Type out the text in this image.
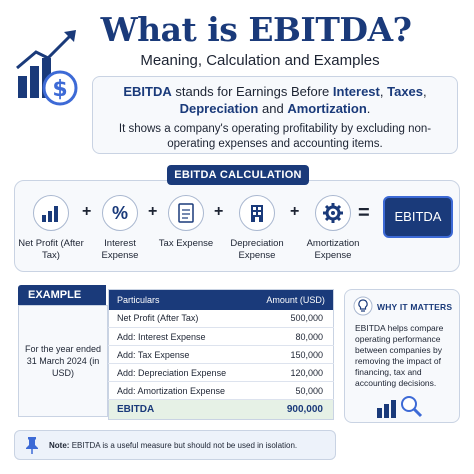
$
What is EBITDA?
Meaning, Calculation and Examples
EBITDA stands for Earnings Before Interest, Taxes,
Depreciation and Amortization.
It shows a company's operating profitability by excluding non-operating expenses and accounting items.
EBITDA CALCULATION
Net Profit (After Tax)
+ %
Interest Expense
+
Tax Expense
+
Depreciation Expense
+
Amortization Expense
=	EBITDA
EXAMPLE
For the year ended 31 March 2024 (in USD)
Particulars	Amount (USD)
Net Profit (After Tax)	500,000
Add: Interest Expense	80,000
Add: Tax Expense	150,000
Add: Depreciation Expense	120,000
Add: Amortization Expense	50,000
EBITDA	900,000
WHY IT MATTERS
EBITDA helps compare operating performance between companies by removing the impact of financing, tax and accounting decisions.
Note: EBITDA is a useful measure but should not be used in isolation.
